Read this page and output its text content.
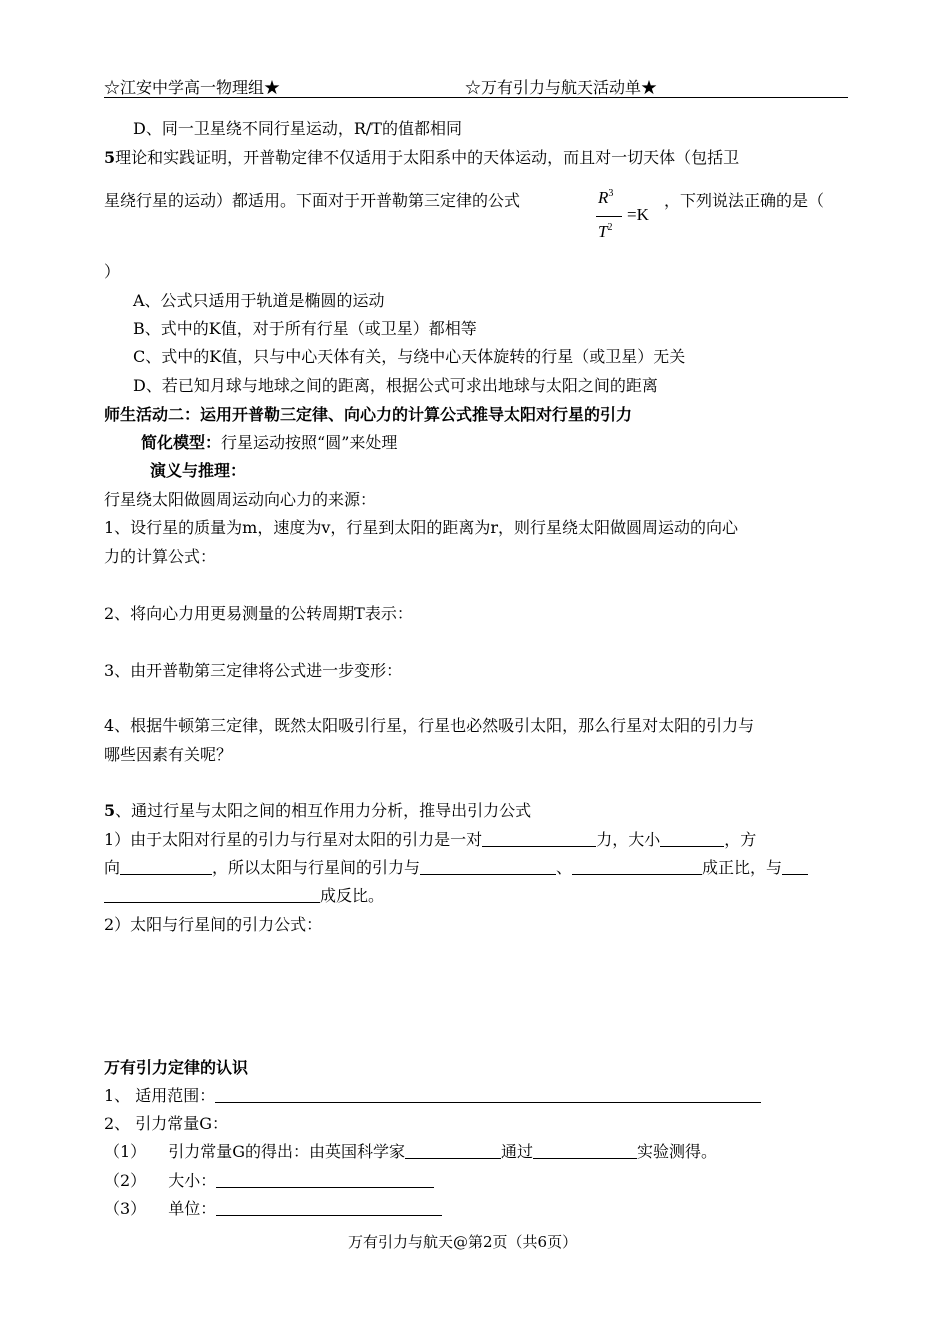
☆江安中学高一物理组★	☆万有引力与航天活动单★
D、同一卫星绕不同行星运动，R/T的值都相同
5理论和实践证明，开普勒定律不仅适用于太阳系中的天体运动，而且对一切天体（包括卫
星绕行星的运动）都适用。下面对于开普勒第三定律的公式	$R^3$
$T^2$
=K
，下列说法正确的是（
）
A、公式只适用于轨道是椭圆的运动
B、式中的K值，对于所有行星（或卫星）都相等
C、式中的K值，只与中心天体有关，与绕中心天体旋转的行星（或卫星）无关
D、若已知月球与地球之间的距离，根据公式可求出地球与太阳之间的距离
师生活动二：运用开普勒三定律、向心力的计算公式推导太阳对行星的引力
简化模型：行星运动按照“圆”来处理
演义与推理：
行星绕太阳做圆周运动向心力的来源：
1、设行星的质量为m，速度为v，行星到太阳的距离为r，则行星绕太阳做圆周运动的向心
力的计算公式：
2、将向心力用更易测量的公转周期T表示：
3、由开普勒第三定律将公式进一步变形：
4、根据牛顿第三定律，既然太阳吸引行星，行星也必然吸引太阳，那么行星对太阳的引力与
哪些因素有关呢？
5、通过行星与太阳之间的相互作用力分析，推导出引力公式
1）由于太阳对行星的引力与行星对太阳的引力是一对	力，大小	，方
向	，所以太阳与行星间的引力与	、	成正比，与
成反比。
2）太阳与行星间的引力公式：
万有引力定律的认识
1、 适用范围：
2、 引力常量G：
（1） 引力常量G的得出：由英国科学家	通过	实验测得。
（2） 大小：
（3） 单位：
万有引力与航天@第2页（共6页）
